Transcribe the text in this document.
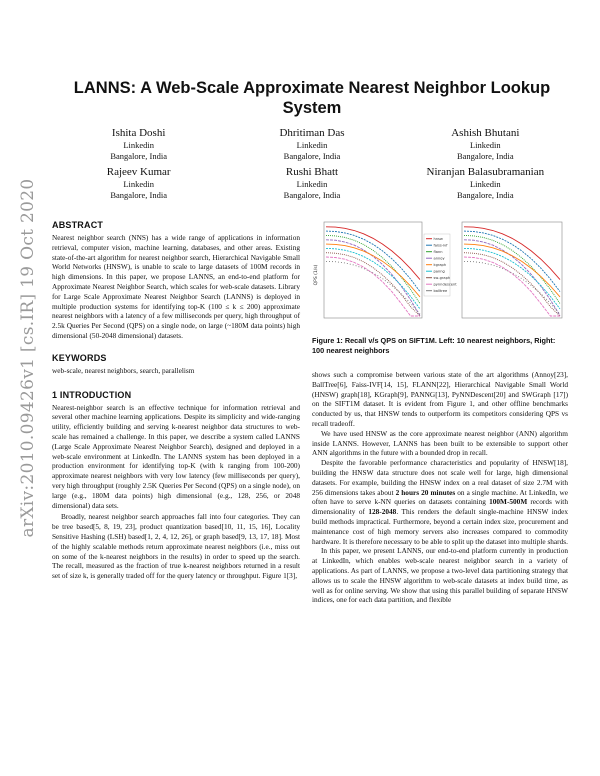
arXiv:2010.09426v1 [cs.IR] 19 Oct 2020
LANNS: A Web-Scale Approximate Nearest Neighbor Lookup System
Ishita Doshi
Linkedin
Bangalore, India
Dhritiman Das
Linkedin
Bangalore, India
Ashish Bhutani
Linkedin
Bangalore, India
Rajeev Kumar
Linkedin
Bangalore, India
Rushi Bhatt
Linkedin
Bangalore, India
Niranjan Balasubramanian
Linkedin
Bangalore, India
ABSTRACT

Nearest neighbor search (NNS) has a wide range of applications in information retrieval, computer vision, machine learning, databases, and other areas. Existing state-of-the-art algorithm for nearest neighbor search, Hierarchical Navigable Small World Networks (HNSW), is unable to scale to large datasets of 100M records in high dimensions. In this paper, we propose LANNS, an end-to-end platform for Approximate Nearest Neighbor Search, which scales for web-scale datasets. Library for Large Scale Approximate Nearest Neighbor Search (LANNS) is deployed in multiple production systems for identifying top-K (100 ≤ k ≤ 200) approximate nearest neighbors with a latency of a few milliseconds per query, high throughput of 2.5k Queries Per Second (QPS) on a single node, on large (~180M data points) high dimensional (50-2048 dimensional) datasets.

KEYWORDS

web-scale, nearest neighbors, search, parallelism

1 INTRODUCTION

Nearest-neighbor search is an effective technique for information retrieval and several other machine learning applications. Despite its simplicity and wide-ranging utility, efficiently building and serving k-nearest neighbor data structures to web-scale has remained a challenge. In this paper, we describe a system called LANNS (Large Scale Approximate Nearest Neighbor Search), designed and deployed in a web-scale environment at LinkedIn. The LANNS system has been deployed in a production environment for identifying top-K (with k ranging from 100-200) approximate nearest neighbors with very low latency (few milliseconds per query), very high throughput (roughly 2.5K Queries Per Second (QPS) on a single node), on large (e.g., 180M data points) high dimensional (e.g., 128, 256, or 2048 dimensional) data sets.

Broadly, nearest neighbor search approaches fall into four categories. They can be tree based[5, 8, 19, 23], product quantization based[10, 11, 15, 16], Locality Sensitive Hashing (LSH) based[1, 2, 4, 12, 26], or graph based[9, 13, 17, 18]. Most of the highly scalable methods return approximate nearest neighbors (i.e., miss out on some of the k-nearest neighbors in the results) in order to speed up the search. The recall, measured as the fraction of true k-nearest neighbors returned in a result set of size k, is generally traded off for the query latency or throughput. Figure 1[3],

QPS (1/s)
hnsw
faiss-ivf
flann
annoy
kgraph
panng
sw-graph
pynndescent
balltree

Figure 1: Recall v/s QPS on SIFT1M. Left: 10 nearest neighbors, Right: 100 nearest neighbors

shows such a compromise between various state of the art algorithms (Annoy[23], BallTree[6], Faiss-IVF[14, 15], FLANN[22], Hierarchical Navigable Small World (HNSW) graph[18], KGraph[9], PANNG[13], PyNNDescent[20] and SWGraph [17]) on the SIFT1M dataset. It is evident from Figure 1, and other offline benchmarks conducted by us, that HNSW tends to outperform its competitors considering QPS vs recall tradeoff.

We have used HNSW as the core approximate nearest neighbor (ANN) algorithm inside LANNS. However, LANNS has been built to be extensible to support other ANN algorithms in the future with a bounded drop in recall.

Despite the favorable performance characteristics and popularity of HNSW[18], building the HNSW data structure does not scale well for large, high dimensional datasets. For example, building the HNSW index on a real dataset of size 2.7M with 256 dimensions takes about 2 hours 20 minutes on a single machine. At LinkedIn, we often have to serve k-NN queries on datasets containing 100M-500M records with dimensionality of 128-2048. This renders the default single-machine HNSW index build methods impractical. Furthermore, beyond a certain index size, procurement and maintenance cost of high memory servers also increases compared to commodity hardware. It is therefore necessary to be able to split up the dataset into multiple shards.

In this paper, we present LANNS, our end-to-end platform currently in production at LinkedIn, which enables web-scale nearest neighbor search in a variety of applications. As part of LANNS, we propose a two-level data partitioning strategy that allows us to scale the HNSW algorithm to web-scale datasets at index build time, as well as for online serving. We show that using this parallel building of separate HNSW indices, one for each data partition, and flexible
